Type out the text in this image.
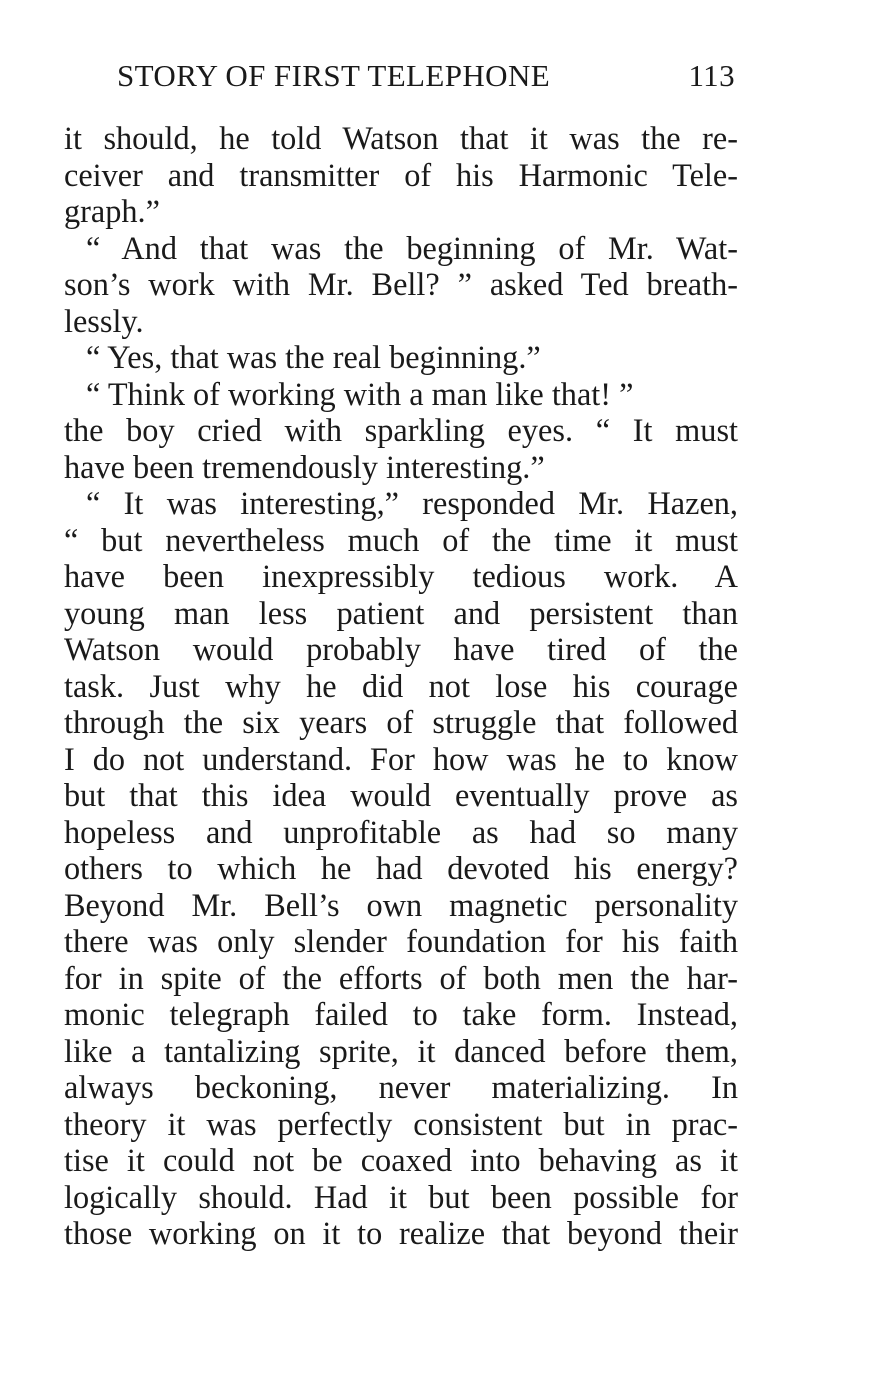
STORY OF FIRST TELEPHONE	113
it should, he told Watson that it was the re-
ceiver and transmitter of his Harmonic Tele-
graph.”
“ And that was the beginning of Mr. Wat-
son’s work with Mr. Bell? ” asked Ted breath-
lessly.
“ Yes, that was the real beginning.”
“ Think of working with a man like that! ”
the boy cried with sparkling eyes. “ It must
have been tremendously interesting.”
“ It was interesting,” responded Mr. Hazen,
“ but nevertheless much of the time it must
have been inexpressibly tedious work. A
young man less patient and persistent than
Watson would probably have tired of the
task. Just why he did not lose his courage
through the six years of struggle that followed
I do not understand. For how was he to know
but that this idea would eventually prove as
hopeless and unprofitable as had so many
others to which he had devoted his energy?
Beyond Mr. Bell’s own magnetic personality
there was only slender foundation for his faith
for in spite of the efforts of both men the har-
monic telegraph failed to take form. Instead,
like a tantalizing sprite, it danced before them,
always beckoning, never materializing. In
theory it was perfectly consistent but in prac-
tise it could not be coaxed into behaving as it
logically should. Had it but been possible for
those working on it to realize that beyond their
